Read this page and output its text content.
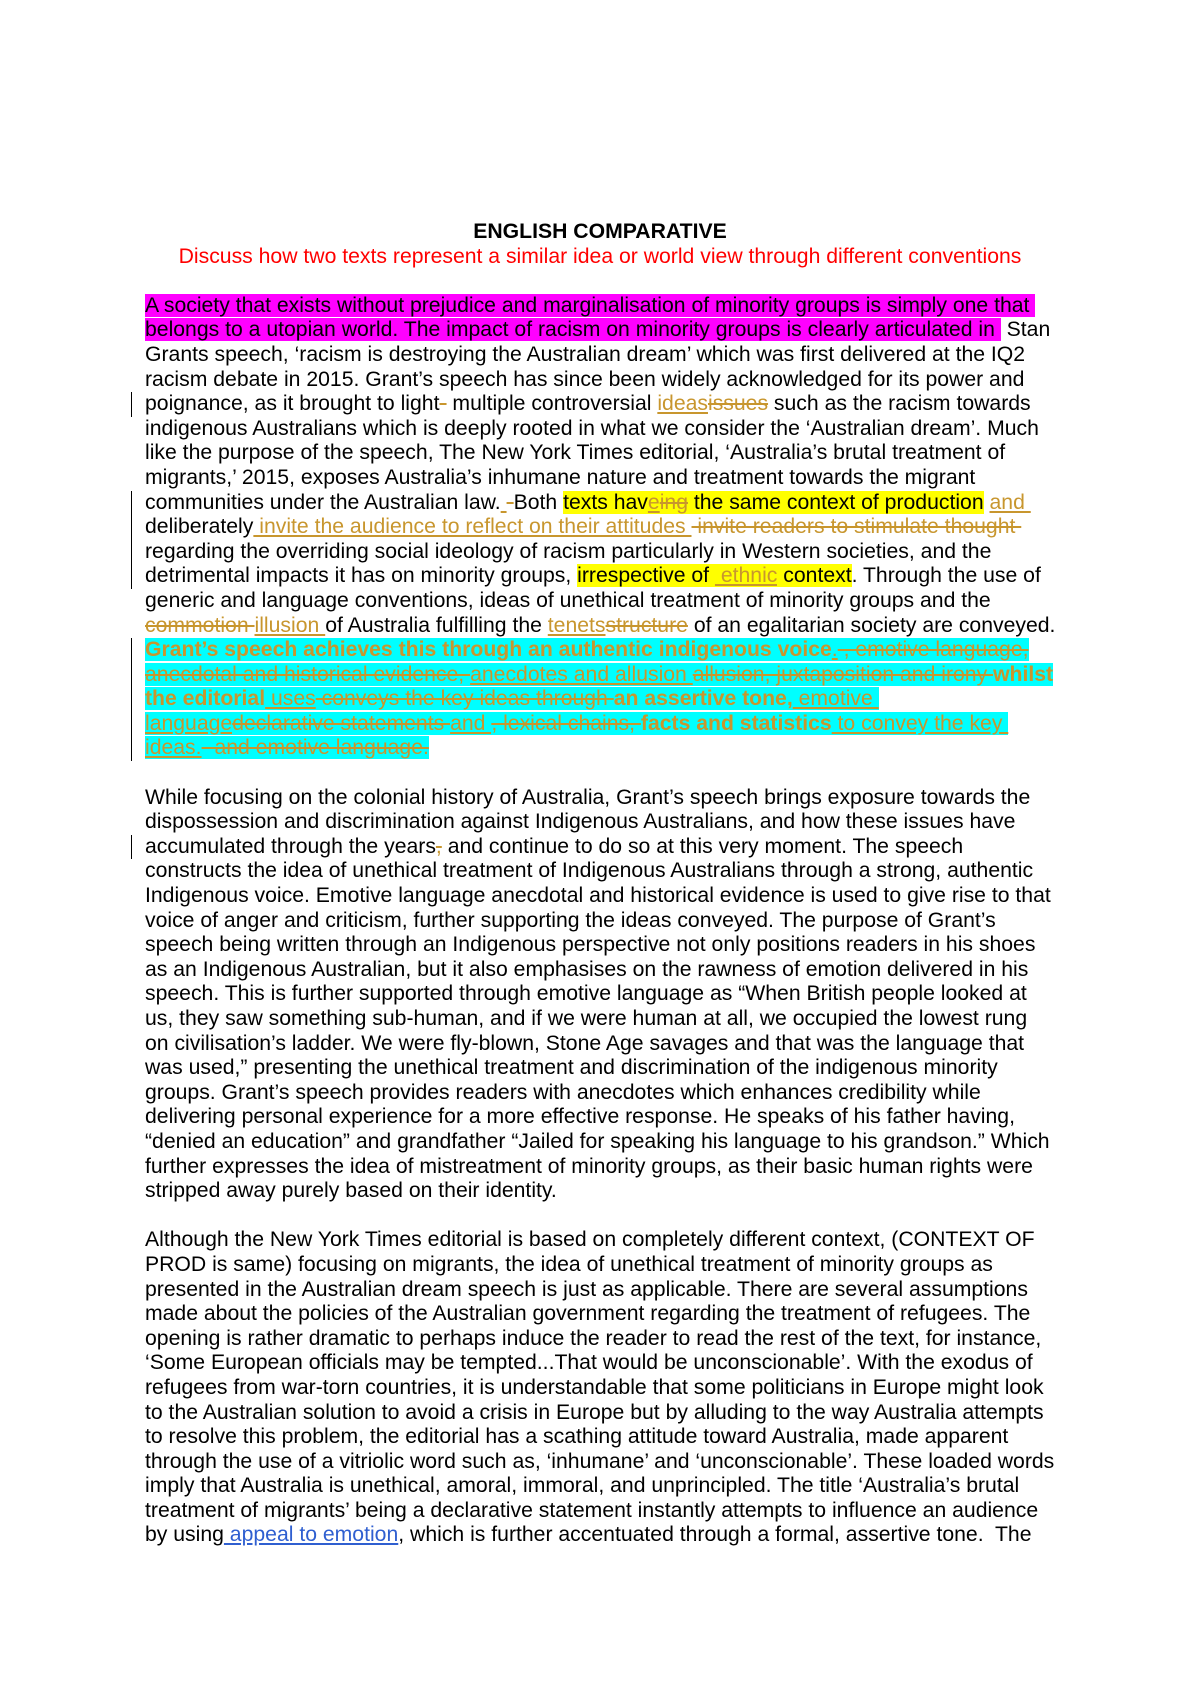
ENGLISH COMPARATIVE
Discuss how two texts represent a similar idea or world view through different conventions
A society that exists without prejudice and marginalisation of minority groups is simply one that
belongs to a utopian world. The impact of racism on minority groups is clearly articulated in  Stan
Grants speech, ‘racism is destroying the Australian dream’ which was first delivered at the IQ2
racism debate in 2015. Grant’s speech has since been widely acknowledged for its power and
poignance, as it brought to light- multiple controversial ideasissues such as the racism towards
indigenous Australians which is deeply rooted in what we consider the ‘Australian dream’. Much
like the purpose of the speech, The New York Times editorial, ‘Australia’s brutal treatment of
migrants,’ 2015, exposes Australia’s inhumane nature and treatment towards the migrant
communities under the Australian law. -Both texts haveing the same context of production and
deliberately invite the audience to reflect on their attitudes  invite readers to stimulate thought
regarding the overriding social ideology of racism particularly in Western societies, and the
detrimental impacts it has on minority groups, irrespective of  ethnic context. Through the use of
generic and language conventions, ideas of unethical treatment of minority groups and the
commotion illusion of Australia fulfilling the tenetsstructure of an egalitarian society are conveyed.
Grant’s speech achieves this through an authentic indigenous voice. , emotive language,
anecdotal and historical evidence, anecdotes and allusion allusion, juxtaposition and irony whilst
the editorial uses conveys the key ideas through an assertive tone, emotive
languagedeclarative statements and , lexical chains, facts and statistics to convey the key
ideas. -and emotive language.
While focusing on the colonial history of Australia, Grant’s speech brings exposure towards the
dispossession and discrimination against Indigenous Australians, and how these issues have
accumulated through the years, and continue to do so at this very moment. The speech
constructs the idea of unethical treatment of Indigenous Australians through a strong, authentic
Indigenous voice. Emotive language anecdotal and historical evidence is used to give rise to that
voice of anger and criticism, further supporting the ideas conveyed. The purpose of Grant’s
speech being written through an Indigenous perspective not only positions readers in his shoes
as an Indigenous Australian, but it also emphasises on the rawness of emotion delivered in his
speech. This is further supported through emotive language as “When British people looked at
us, they saw something sub-human, and if we were human at all, we occupied the lowest rung
on civilisation’s ladder. We were fly-blown, Stone Age savages and that was the language that
was used,” presenting the unethical treatment and discrimination of the indigenous minority
groups. Grant’s speech provides readers with anecdotes which enhances credibility while
delivering personal experience for a more effective response. He speaks of his father having,
“denied an education” and grandfather “Jailed for speaking his language to his grandson.” Which
further expresses the idea of mistreatment of minority groups, as their basic human rights were
stripped away purely based on their identity.
Although the New York Times editorial is based on completely different context, (CONTEXT OF
PROD is same) focusing on migrants, the idea of unethical treatment of minority groups as
presented in the Australian dream speech is just as applicable. There are several assumptions
made about the policies of the Australian government regarding the treatment of refugees. The
opening is rather dramatic to perhaps induce the reader to read the rest of the text, for instance,
‘Some European officials may be tempted...That would be unconscionable’. With the exodus of
refugees from war-torn countries, it is understandable that some politicians in Europe might look
to the Australian solution to avoid a crisis in Europe but by alluding to the way Australia attempts
to resolve this problem, the editorial has a scathing attitude toward Australia, made apparent
through the use of a vitriolic word such as, ‘inhumane’ and ‘unconscionable’. These loaded words
imply that Australia is unethical, amoral, immoral, and unprincipled. The title ‘Australia’s brutal
treatment of migrants’ being a declarative statement instantly attempts to influence an audience
by using appeal to emotion, which is further accentuated through a formal, assertive tone.  The
